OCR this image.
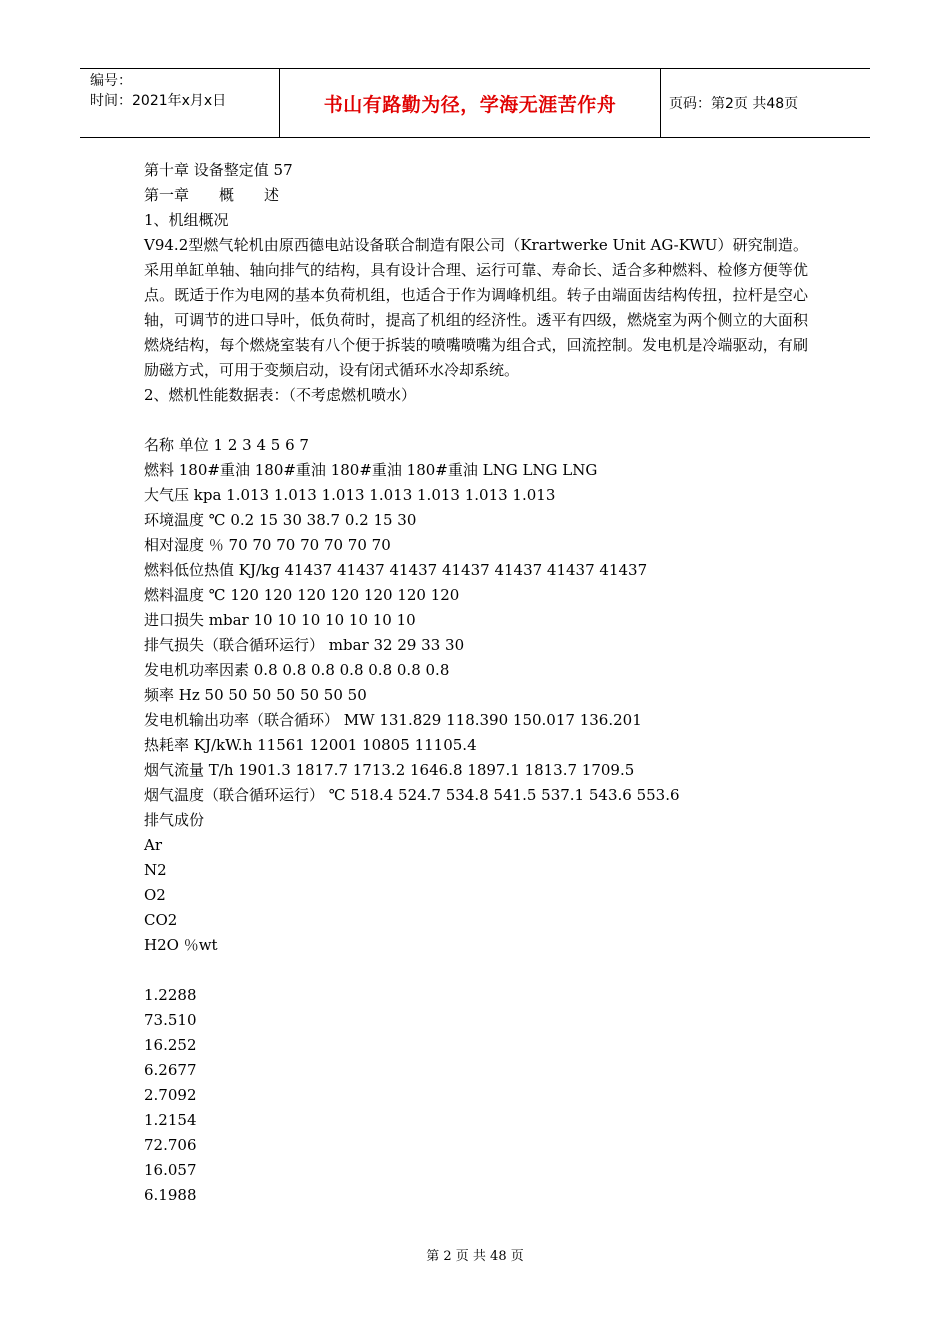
编号：
时间：2021年x月x日	书山有路勤为径，学海无涯苦作舟	页码：第2页 共48页

第十章 设备整定值 57

第一章　　概　　述

1、机组概况

V94.2型燃气轮机由原西德电站设备联合制造有限公司（Krartwerke Unit AG-KWU）研究制造。采用单缸单轴、轴向排气的结构，具有设计合理、运行可靠、寿命长、适合多种燃料、检修方便等优点。既适于作为电网的基本负荷机组，也适合于作为调峰机组。转子由端面齿结构传扭，拉杆是空心轴，可调节的进口导叶，低负荷时，提高了机组的经济性。透平有四级，燃烧室为两个侧立的大面积燃烧结构，每个燃烧室装有八个便于拆装的喷嘴喷嘴为组合式，回流控制。发电机是冷端驱动，有刷励磁方式，可用于变频启动，设有闭式循环水冷却系统。

2、燃机性能数据表：（不考虑燃机喷水）

名称 单位 1 2 3 4 5 6 7

燃料 180#重油 180#重油 180#重油 180#重油 LNG LNG LNG

大气压 kpa 1.013 1.013 1.013 1.013 1.013 1.013 1.013

环境温度 ℃ 0.2 15 30 38.7 0.2 15 30

相对湿度 ％ 70 70 70 70 70 70 70

燃料低位热值 KJ/kg 41437 41437 41437 41437 41437 41437 41437

燃料温度 ℃ 120 120 120 120 120 120 120

进口损失 mbar 10 10 10 10 10 10 10

排气损失（联合循环运行） mbar 32 29 33 30

发电机功率因素 0.8 0.8 0.8 0.8 0.8 0.8 0.8

频率 Hz 50 50 50 50 50 50 50

发电机输出功率（联合循环） MW 131.829 118.390 150.017 136.201

热耗率 KJ/kW.h 11561 12001 10805 11105.4

烟气流量 T/h 1901.3 1817.7 1713.2 1646.8 1897.1 1813.7 1709.5

烟气温度（联合循环运行） ℃ 518.4 524.7 534.8 541.5 537.1 543.6 553.6

排气成份

Ar

N2

O2

CO2

H2O ％wt

1.2288

73.510

16.252

6.2677

2.7092

1.2154

72.706

16.057

6.1988

第 2 页 共 48 页
